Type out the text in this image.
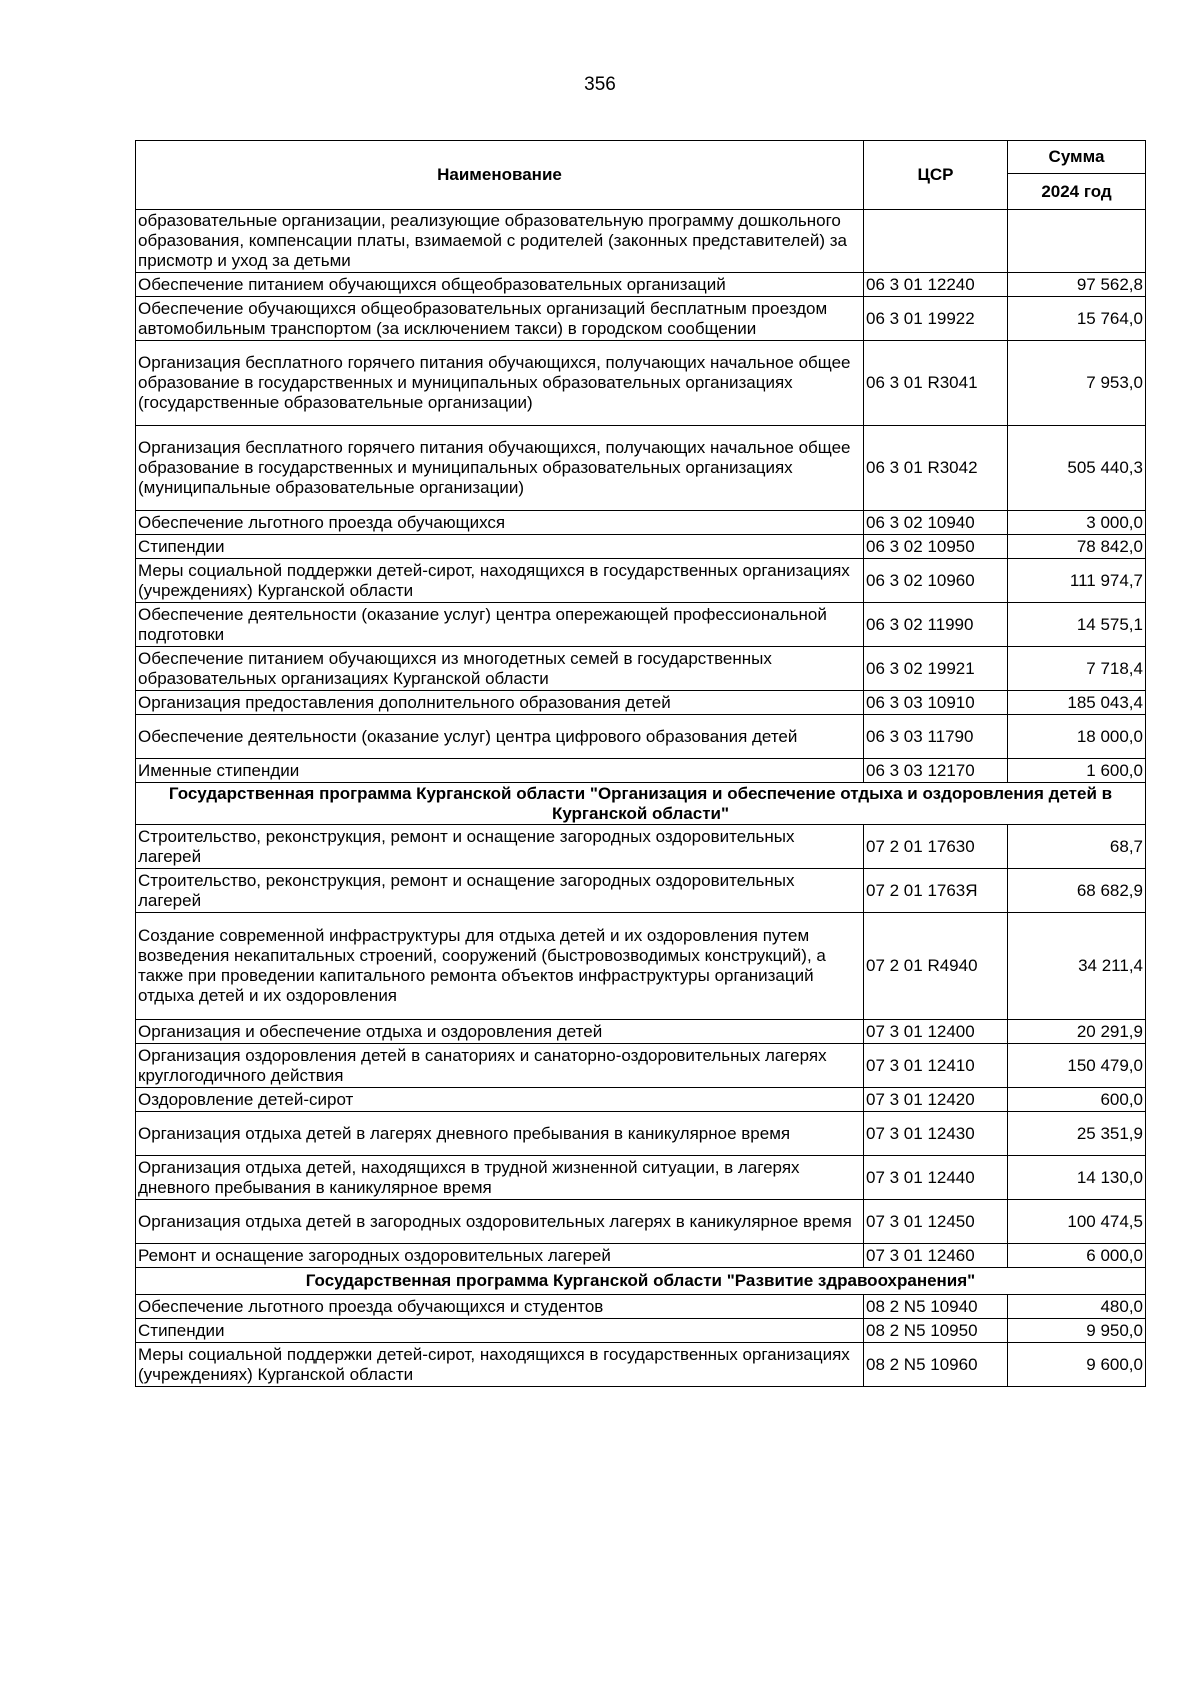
356
Наименование	ЦСР	Сумма
		2024 год
образовательные организации, реализующие образовательную программу дошкольного образования, компенсации платы, взимаемой с родителей (законных представителей) за присмотр и уход за детьми		
Обеспечение питанием обучающихся общеобразовательных организаций	06 3 01 12240	97 562,8
Обеспечение обучающихся общеобразовательных организаций бесплатным проездом автомобильным транспортом (за исключением такси) в городском сообщении	06 3 01 19922	15 764,0
Организация бесплатного горячего питания обучающихся, получающих начальное общее образование в государственных и муниципальных образовательных организациях (государственные образовательные организации)	06 3 01 R3041	7 953,0
Организация бесплатного горячего питания обучающихся, получающих начальное общее образование в государственных и муниципальных образовательных организациях (муниципальные образовательные организации)	06 3 01 R3042	505 440,3
Обеспечение льготного проезда обучающихся	06 3 02 10940	3 000,0
Стипендии	06 3 02 10950	78 842,0
Меры социальной поддержки детей-сирот, находящихся в государственных организациях (учреждениях) Курганской области	06 3 02 10960	111 974,7
Обеспечение деятельности (оказание услуг) центра опережающей профессиональной подготовки	06 3 02 11990	14 575,1
Обеспечение питанием обучающихся из многодетных семей в государственных образовательных организациях Курганской области	06 3 02 19921	7 718,4
Организация предоставления дополнительного образования детей	06 3 03 10910	185 043,4
Обеспечение деятельности (оказание услуг) центра цифрового образования детей	06 3 03 11790	18 000,0
Именные стипендии	06 3 03 12170	1 600,0
Государственная программа Курганской области "Организация и обеспечение отдыха и оздоровления детей в Курганской области"		
Строительство, реконструкция, ремонт и оснащение загородных оздоровительных лагерей	07 2 01 17630	68,7
Строительство, реконструкция, ремонт и оснащение загородных оздоровительных лагерей	07 2 01 1763Я	68 682,9
Создание современной инфраструктуры для отдыха детей и их оздоровления путем возведения некапитальных строений, сооружений (быстровозводимых конструкций), а также при проведении капитального ремонта объектов инфраструктуры организаций отдыха детей и их оздоровления	07 2 01 R4940	34 211,4
Организация и обеспечение отдыха и оздоровления детей	07 3 01 12400	20 291,9
Организация оздоровления детей в санаториях и санаторно-оздоровительных лагерях круглогодичного действия	07 3 01 12410	150 479,0
Оздоровление детей-сирот	07 3 01 12420	600,0
Организация отдыха детей в лагерях дневного пребывания в каникулярное время	07 3 01 12430	25 351,9
Организация отдыха детей, находящихся в трудной жизненной ситуации, в лагерях дневного пребывания в каникулярное время	07 3 01 12440	14 130,0
Организация отдыха детей в загородных оздоровительных лагерях в каникулярное время	07 3 01 12450	100 474,5
Ремонт и оснащение загородных оздоровительных лагерей	07 3 01 12460	6 000,0
Государственная программа Курганской области "Развитие здравоохранения"		
Обеспечение льготного проезда обучающихся и студентов	08 2 N5 10940	480,0
Стипендии	08 2 N5 10950	9 950,0
Меры социальной поддержки детей-сирот, находящихся в государственных организациях (учреждениях) Курганской области	08 2 N5 10960	9 600,0
